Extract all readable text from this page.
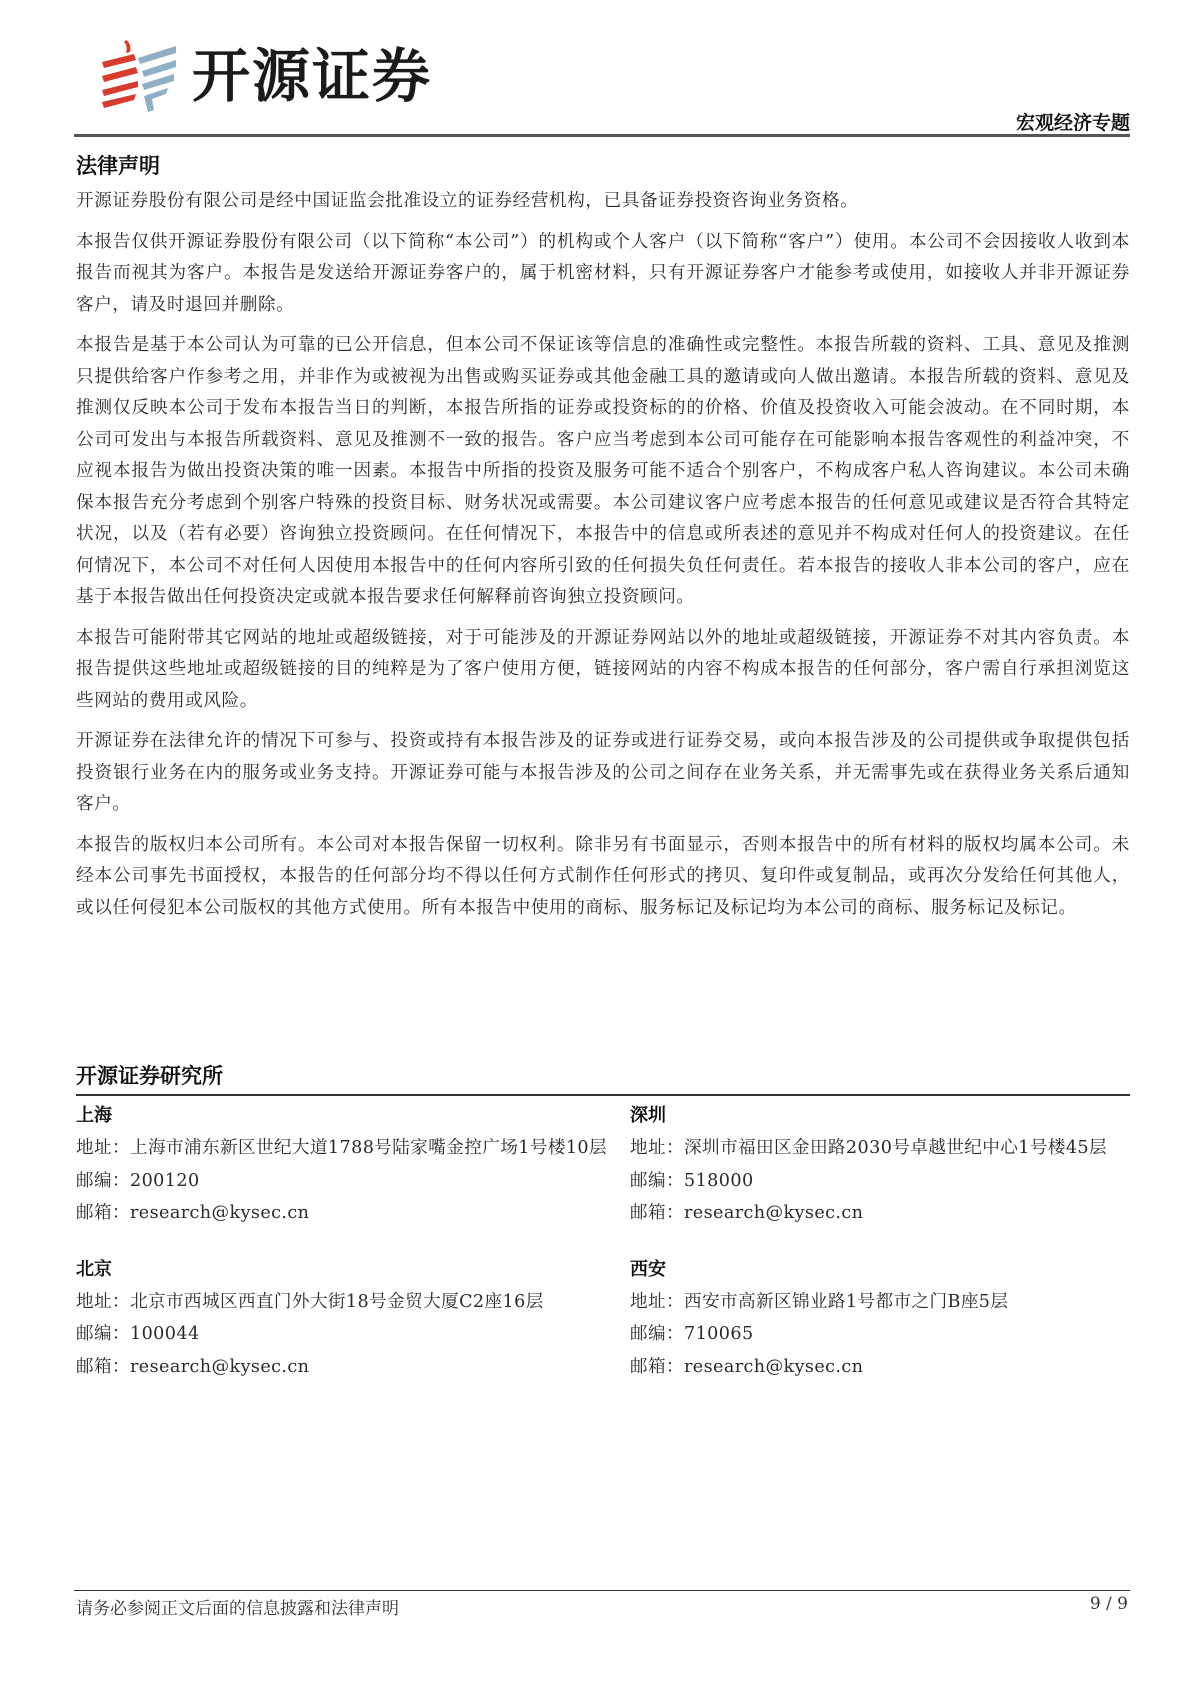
开源证券
宏观经济专题
法律声明

开源证券股份有限公司是经中国证监会批准设立的证券经营机构，已具备证券投资咨询业务资格。

本报告仅供开源证券股份有限公司（以下简称“本公司”）的机构或个人客户（以下简称“客户”）使用。本公司不会因接收人收到本报告而视其为客户。本报告是发送给开源证券客户的，属于机密材料，只有开源证券客户才能参考或使用，如接收人并非开源证券客户，请及时退回并删除。

本报告是基于本公司认为可靠的已公开信息，但本公司不保证该等信息的准确性或完整性。本报告所载的资料、工具、意见及推测只提供给客户作参考之用，并非作为或被视为出售或购买证券或其他金融工具的邀请或向人做出邀请。本报告所载的资料、意见及推测仅反映本公司于发布本报告当日的判断，本报告所指的证券或投资标的的价格、价值及投资收入可能会波动。在不同时期，本公司可发出与本报告所载资料、意见及推测不一致的报告。客户应当考虑到本公司可能存在可能影响本报告客观性的利益冲突，不应视本报告为做出投资决策的唯一因素。本报告中所指的投资及服务可能不适合个别客户，不构成客户私人咨询建议。本公司未确保本报告充分考虑到个别客户特殊的投资目标、财务状况或需要。本公司建议客户应考虑本报告的任何意见或建议是否符合其特定状况，以及（若有必要）咨询独立投资顾问。在任何情况下，本报告中的信息或所表述的意见并不构成对任何人的投资建议。在任何情况下，本公司不对任何人因使用本报告中的任何内容所引致的任何损失负任何责任。若本报告的接收人非本公司的客户，应在基于本报告做出任何投资决定或就本报告要求任何解释前咨询独立投资顾问。

本报告可能附带其它网站的地址或超级链接，对于可能涉及的开源证券网站以外的地址或超级链接，开源证券不对其内容负责。本报告提供这些地址或超级链接的目的纯粹是为了客户使用方便，链接网站的内容不构成本报告的任何部分，客户需自行承担浏览这些网站的费用或风险。

开源证券在法律允许的情况下可参与、投资或持有本报告涉及的证券或进行证券交易，或向本报告涉及的公司提供或争取提供包括投资银行业务在内的服务或业务支持。开源证券可能与本报告涉及的公司之间存在业务关系，并无需事先或在获得业务关系后通知客户。

本报告的版权归本公司所有。本公司对本报告保留一切权利。除非另有书面显示，否则本报告中的所有材料的版权均属本公司。未经本公司事先书面授权，本报告的任何部分均不得以任何方式制作任何形式的拷贝、复印件或复制品，或再次分发给任何其他人，或以任何侵犯本公司版权的其他方式使用。所有本报告中使用的商标、服务标记及标记均为本公司的商标、服务标记及标记。

开源证券研究所
上海
地址：上海市浦东新区世纪大道1788号陆家嘴金控广场1号楼10层
邮编：200120
邮箱：research@kysec.cn
深圳
地址：深圳市福田区金田路2030号卓越世纪中心1号楼45层
邮编：518000
邮箱：research@kysec.cn
北京
地址：北京市西城区西直门外大街18号金贸大厦C2座16层
邮编：100044
邮箱：research@kysec.cn
西安
地址：西安市高新区锦业路1号都市之门B座5层
邮编：710065
邮箱：research@kysec.cn
请务必参阅正文后面的信息披露和法律声明	9 / 9
